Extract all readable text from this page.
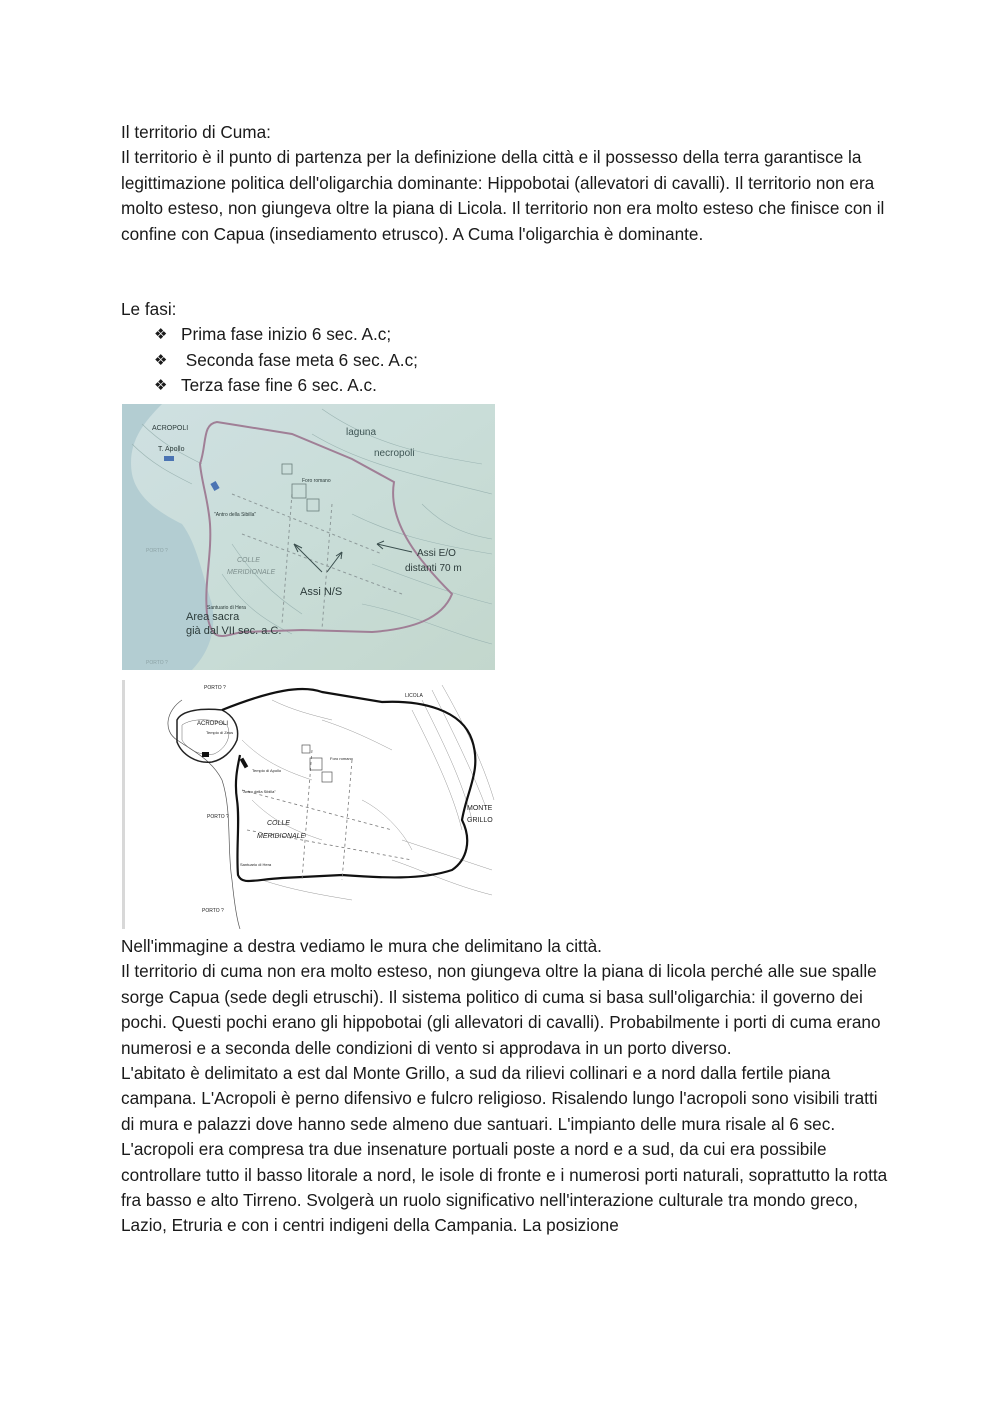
Il territorio di Cuma:

Il territorio è il punto di partenza per la definizione della città e il possesso della terra garantisce la legittimazione politica dell'oligarchia dominante: Hippobotai (allevatori di cavalli). Il territorio non era molto esteso, non giungeva oltre la piana di Licola. Il territorio non era molto esteso che finisce con il confine con Capua (insediamento etrusco). A Cuma l'oligarchia è dominante.

Le fasi:

❖ Prima fase inizio 6 sec. A.c;
❖ Seconda fase meta 6 sec. A.c;
❖ Terza fase fine 6 sec. A.c.
ACROPOLI
T. Apollo
laguna
necropoli
Foro romano
"Antro della Sibilla"
COLLE
MERIDIONALE
Assi E/O
distanti 70 m
Assi N/S
Santuario di Hera
Area sacra
già dal VII sec. a.C.
PORTO ?
PORTO ?
PORTO ?
LICOLA
ACROPOLI
Tempio di Zeus
Tempio di Apollo
"Antro della Sibilla"
Foro romano
COLLE
MERIDIONALE
MONTE
GRILLO
Santuario di Hera
PORTO ?
PORTO ?

Nell'immagine a destra vediamo le mura che delimitano la città.

Il territorio di cuma non era molto esteso, non giungeva oltre la piana di licola perché alle sue spalle sorge Capua (sede degli etruschi). Il sistema politico di cuma si basa sull'oligarchia: il governo dei pochi. Questi pochi erano gli hippobotai (gli allevatori di cavalli). Probabilmente i porti di cuma erano numerosi e a seconda delle condizioni di vento si approdava in un porto diverso.

L'abitato è delimitato a est dal Monte Grillo, a sud da rilievi collinari e a nord dalla fertile piana campana. L'Acropoli è perno difensivo e fulcro religioso. Risalendo lungo l'acropoli sono visibili tratti di mura e palazzi dove hanno sede almeno due santuari. L'impianto delle mura risale al 6 sec.

L'acropoli era compresa tra due insenature portuali poste a nord e a sud, da cui era possibile controllare tutto il basso litorale a nord, le isole di fronte e i numerosi porti naturali, soprattutto la rotta fra basso e alto Tirreno. Svolgerà un ruolo significativo nell'interazione culturale tra mondo greco, Lazio, Etruria e con i centri indigeni della Campania. La posizione
